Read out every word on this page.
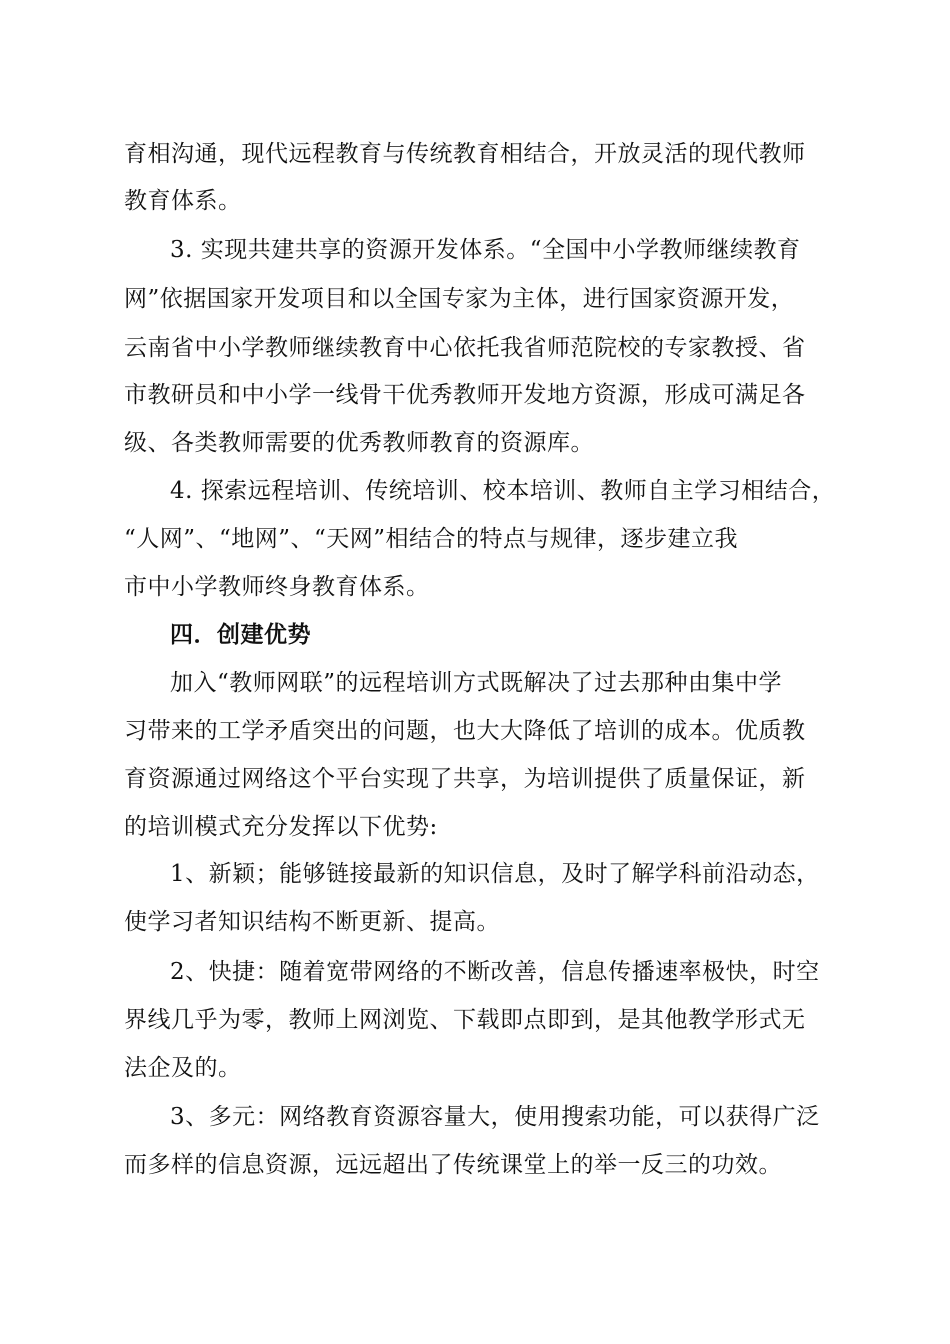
育相沟通，现代远程教育与传统教育相结合，开放灵活的现代教师

教育体系。

3. 实现共建共享的资源开发体系。“全国中小学教师继续教育

网”依据国家开发项目和以全国专家为主体，进行国家资源开发，

云南省中小学教师继续教育中心依托我省师范院校的专家教授、省

市教研员和中小学一线骨干优秀教师开发地方资源，形成可满足各

级、各类教师需要的优秀教师教育的资源库。

4. 探索远程培训、传统培训、校本培训、教师自主学习相结合，

“人网”、“地网”、“天网”相结合的特点与规律，逐步建立我

市中小学教师终身教育体系。

四．创建优势

加入“教师网联”的远程培训方式既解决了过去那种由集中学

习带来的工学矛盾突出的问题，也大大降低了培训的成本。优质教

育资源通过网络这个平台实现了共享，为培训提供了质量保证，新

的培训模式充分发挥以下优势:

1、新颖；能够链接最新的知识信息，及时了解学科前沿动态，

使学习者知识结构不断更新、提高。

2、快捷：随着宽带网络的不断改善，信息传播速率极快，时空

界线几乎为零，教师上网浏览、下载即点即到，是其他教学形式无

法企及的。

3、多元：网络教育资源容量大，使用搜索功能，可以获得广泛

而多样的信息资源，远远超出了传统课堂上的举一反三的功效。
